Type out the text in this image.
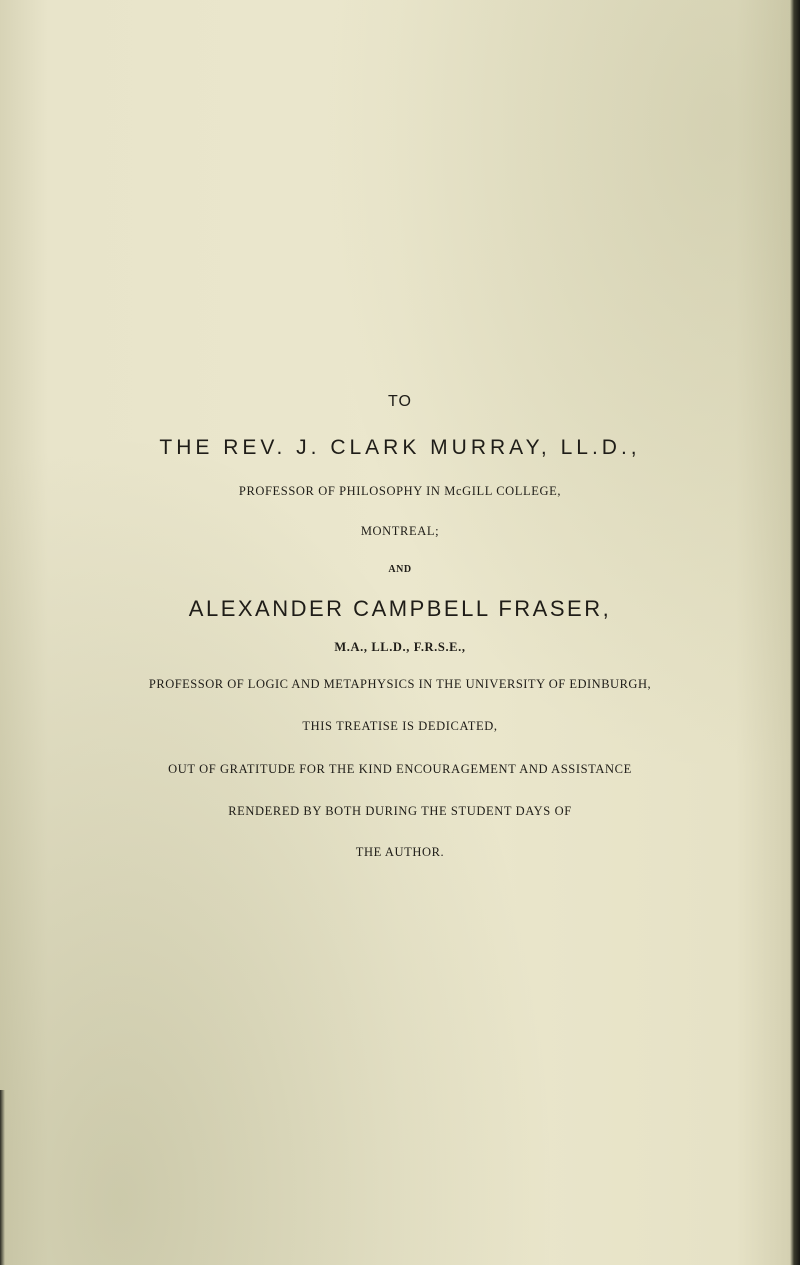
TO
THE REV. J. CLARK MURRAY, LL.D.,
PROFESSOR OF PHILOSOPHY IN McGILL COLLEGE,
MONTREAL;
AND
ALEXANDER CAMPBELL FRASER,
M.A., LL.D., F.R.S.E.,
PROFESSOR OF LOGIC AND METAPHYSICS IN THE UNIVERSITY OF EDINBURGH,
THIS TREATISE IS DEDICATED,
OUT OF GRATITUDE FOR THE KIND ENCOURAGEMENT AND ASSISTANCE
RENDERED BY BOTH DURING THE STUDENT DAYS OF
THE AUTHOR.
